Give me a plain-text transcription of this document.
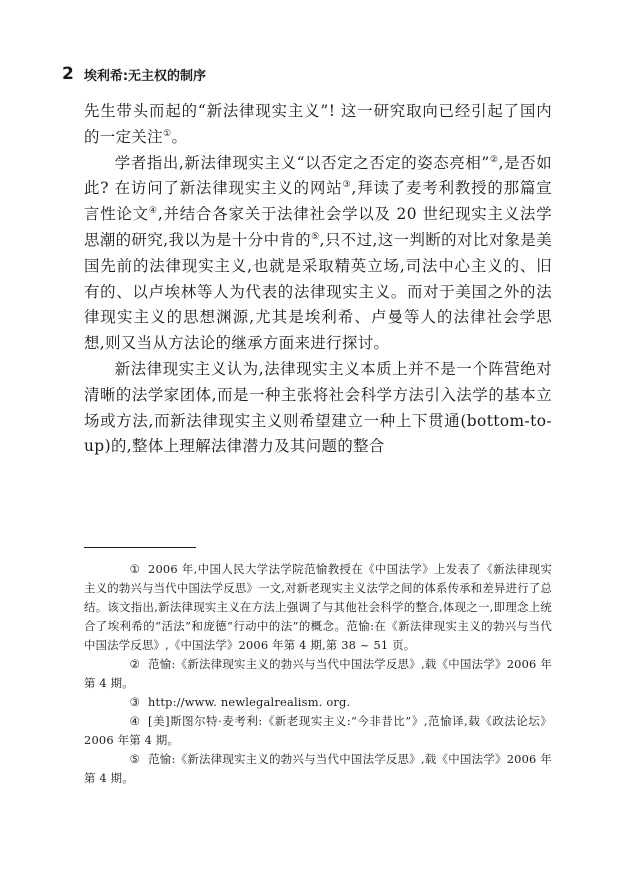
2 埃利希:无主权的制序

先生带头而起的“新法律现实主义”! 这一研究取向已经引起了国内的一定关注①。

学者指出,新法律现实主义“以否定之否定的姿态亮相”②,是否如此? 在访问了新法律现实主义的网站③,拜读了麦考利教授的那篇宣言性论文④,并结合各家关于法律社会学以及 20 世纪现实主义法学思潮的研究,我以为是十分中肯的⑤,只不过,这一判断的对比对象是美国先前的法律现实主义,也就是采取精英立场,司法中心主义的、旧有的、以卢埃林等人为代表的法律现实主义。而对于美国之外的法律现实主义的思想渊源,尤其是埃利希、卢曼等人的法律社会学思想,则又当从方法论的继承方面来进行探讨。

新法律现实主义认为,法律现实主义本质上并不是一个阵营绝对清晰的法学家团体,而是一种主张将社会科学方法引入法学的基本立场或方法,而新法律现实主义则希望建立一种上下贯通(bottom-to-up)的,整体上理解法律潜力及其问题的整合

① 2006 年,中国人民大学法学院范愉教授在《中国法学》上发表了《新法律现实主义的勃兴与当代中国法学反思》一文,对新老现实主义法学之间的体系传承和差异进行了总结。该文指出,新法律现实主义在方法上强调了与其他社会科学的整合,体现之一,即理念上统合了埃利希的“活法”和庞德“行动中的法”的概念。范愉:在《新法律现实主义的勃兴与当代中国法学反思》,《中国法学》2006 年第 4 期,第 38 ~ 51 页。

② 范愉:《新法律现实主义的勃兴与当代中国法学反思》,载《中国法学》2006 年第 4 期。

③ http://www. newlegalrealism. org.

④ [美]斯图尔特·麦考利:《新老现实主义:“今非昔比”》,范愉译,载《政法论坛》2006 年第 4 期。

⑤ 范愉:《新法律现实主义的勃兴与当代中国法学反思》,载《中国法学》2006 年第 4 期。
